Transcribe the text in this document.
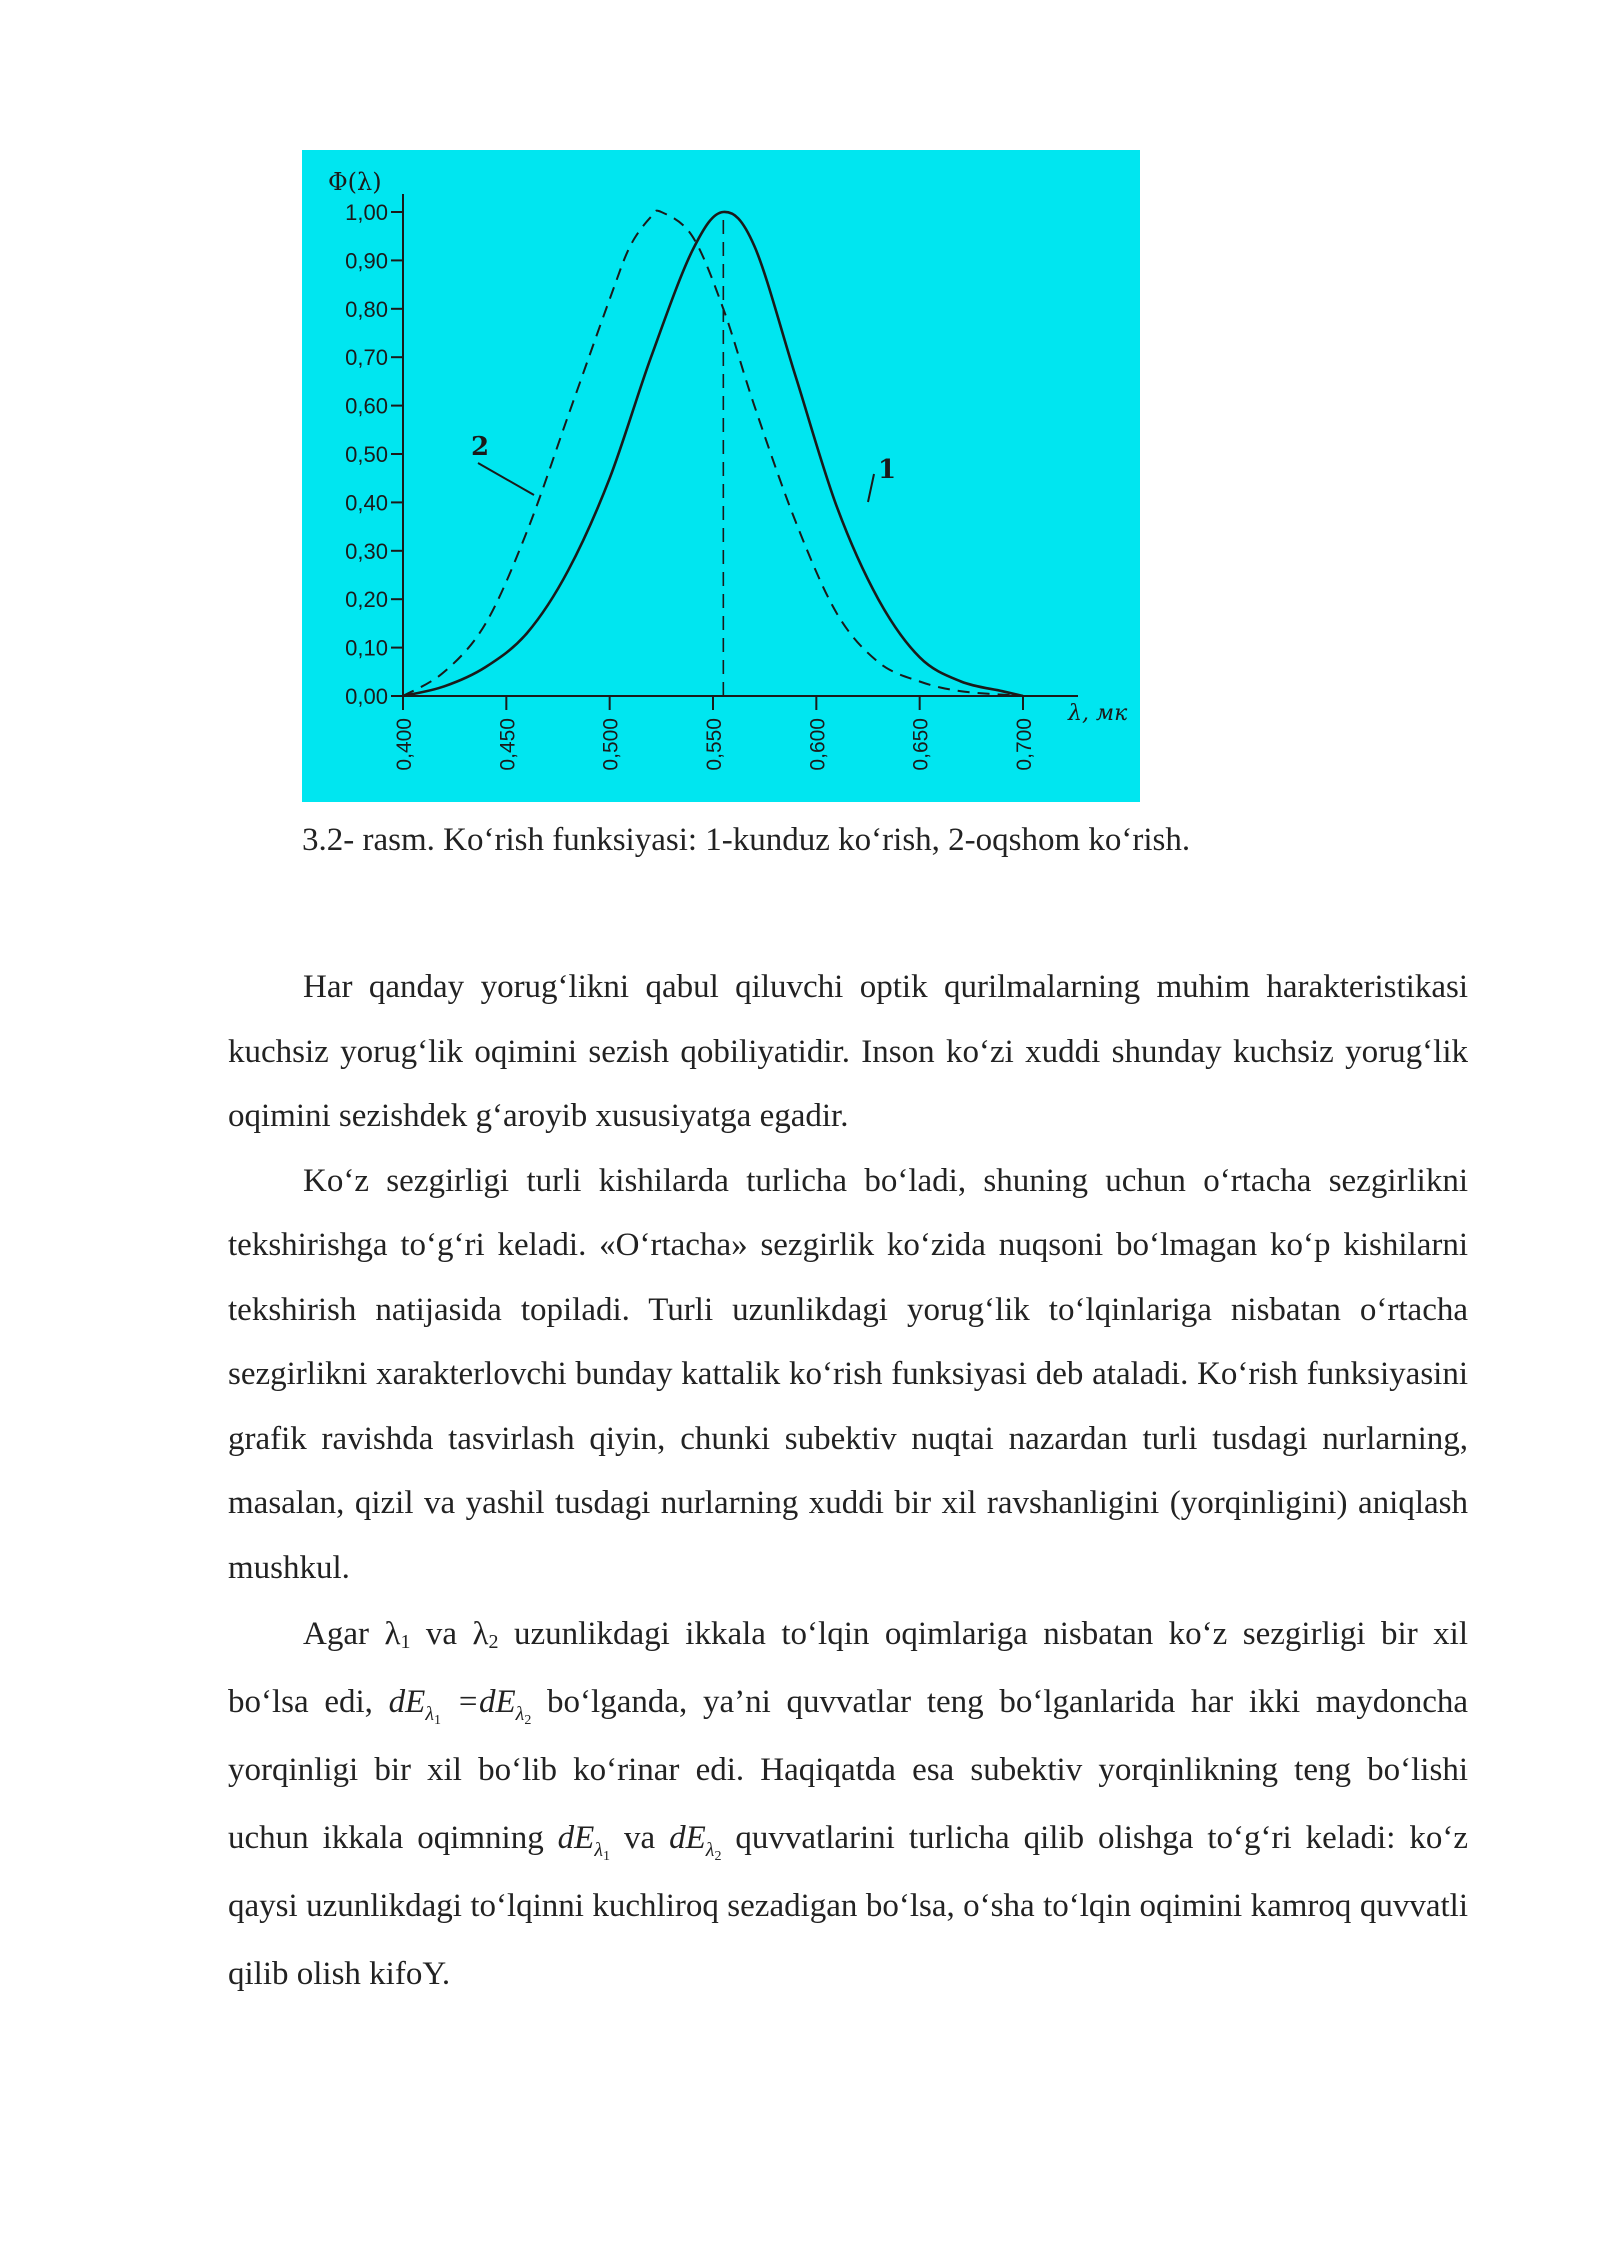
0,00
0,10
0,20
0,30
0,40
0,50
0,60
0,70
0,80
0,90
1,00
0,400	0,450	0,500	0,550	0,600	0,650	0,700
Φ(λ)
λ, мк
1
2
3.2- rasm. Ko‘rish funksiyasi: 1-kunduz ko‘rish, 2-oqshom ko‘rish.

Har qanday yorug‘likni qabul qiluvchi optik qurilmalarning muhim harakteristikasi kuchsiz yorug‘lik oqimini sezish qobiliyatidir. Inson ko‘zi xuddi shunday kuchsiz yorug‘lik oqimini sezishdek g‘aroyib xususiyatga egadir.

Ko‘z sezgirligi turli kishilarda turlicha bo‘ladi, shuning uchun o‘rtacha sezgirlikni tekshirishga to‘g‘ri keladi. «O‘rtacha» sezgirlik ko‘zida nuqsoni bo‘lmagan ko‘p kishilarni tekshirish natijasida topiladi. Turli uzunlikdagi yorug‘lik to‘lqinlariga nisbatan o‘rtacha sezgirlikni xarakterlovchi bunday kattalik ko‘rish funksiyasi deb ataladi. Ko‘rish funksiyasini grafik ravishda tasvirlash qiyin, chunki subektiv nuqtai nazardan turli tusdagi nurlarning, masalan, qizil va yashil tusdagi nurlarning xuddi bir xil ravshanligini (yorqinligini) aniqlash mushkul.

Agar $\lambda_1$ va $\lambda_2$ uzunlikdagi ikkala to‘lqin oqimlariga nisbatan ko‘z sezgirligi bir xil bo‘lsa edi, $dE_{\lambda_1} =dE_{\lambda_2}$ bo‘lganda, ya’ni quvvatlar teng bo‘lganlarida har ikki maydoncha yorqinligi bir xil bo‘lib ko‘rinar edi. Haqiqatda esa subektiv yorqinlikning teng bo‘lishi uchun ikkala oqimning $dE_{\lambda_1}$ va $dE_{\lambda_2}$ quvvatlarini turlicha qilib olishga to‘g‘ri keladi: ko‘z qaysi uzunlikdagi to‘lqinni kuchliroq sezadigan bo‘lsa, o‘sha to‘lqin oqimini kamroq quvvatli qilib olish kifoY.
